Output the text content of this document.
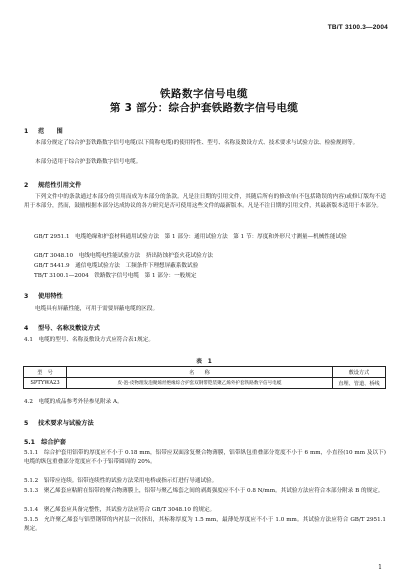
TB/T 3100.3—2004
铁路数字信号电缆
第 3 部分：综合护套铁路数字信号电缆
1 范　　围
本部分规定了综合护套铁路数字信号电缆(以下简称电缆)的使用特性、型号、名称及数设方式、技术要求与试验方法、检验规则等。
本部分适用于综合护套铁路数字信号电缆。
2 规范性引用文件
下列文件中的条款通过本部分的引用而成为本部分的条款。凡是注日期的引用文件，其随后所有的修改单(不包括勘误的内容)或修订版均不适用于本部分，然而，鼓励根据本部分达成协议的各方研究是否可使用这些文件的最新版本。凡是不注日期的引用文件，其最新版本适用于本部分。
GB/T 2951.1　电缆绝缘和护套材料通用试验方法　第 1 部分：通用试验方法　第 1 节：厚度和外形尺寸测量—机械性能试验
GB/T 3048.10　电线电缆电性能试验方法　挤出防蚀护套火花试验方法
GB/T 5441.9　通信电缆试验方法　工频条件下理想屏蔽系数试验
TB/T 3100.1—2004　铁路数字信号电缆　第 1 部分：一般规定
3 使用特性
电缆具有屏蔽性能，可用于需要屏蔽电缆的区段。
4 型号、名称及敷设方式
4.1　电缆的型号、名称及敷设方式应符合表1规定。
表　1
型　号	名　　称	敷设方式
SPTYWA23	皮-泡-皮物理发泡聚烯烃绝缘综合护套双钢带铠装聚乙烯外护套铁路数字信号电缆	直埋、管道、桥线
4.2　电缆的成品参考外径参见附录 A。
5 技术要求与试验方法
5.1　综合护套
5.1.1　综合护套用铝带的厚度应不小于 0.18 mm，铝带应双面涂复聚合物薄膜，铝带纵包重叠部分宽度不小于 6 mm，小直径(10 mm 及以下)电缆的纵包重叠部分宽度应不小于铝带圆周的 20%。
5.1.2　铝带应连续。铝带连续性的试验方法采用电桥或指示灯进行导通试验。
5.1.3　聚乙烯套应粘附在铝带的聚合物薄膜上，铝带与聚乙烯套之间的剥离强度应不小于 0.8 N/mm。其试验方法应符合本部分附录 B 的规定。
5.1.4　聚乙烯套应具备完整性，其试验方法应符合 GB/T 3048.10 的规定。
5.1.5　允许聚乙烯套与铝塑钢带的内衬层一次挤出，其标称厚度为 1.5 mm，最薄处厚度应不小于 1.0 mm。其试验方法应符合 GB/T 2951.1 规定。
1
